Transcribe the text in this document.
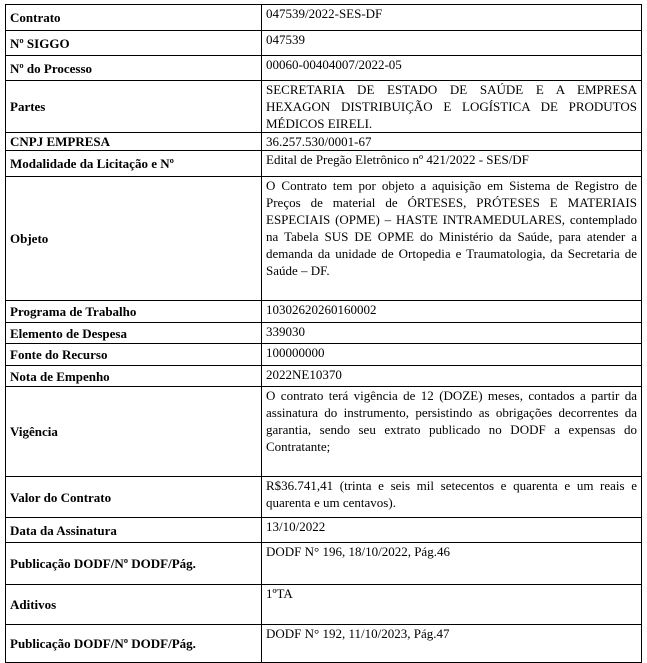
Contrato	047539/2022-SES-DF
Nº SIGGO	047539
Nº do Processo	00060-00404007/2022-05
Partes	SECRETARIA DE ESTADO DE SAÚDE E A EMPRESA HEXAGON DISTRIBUIÇÃO E LOGÍSTICA DE PRODUTOS MÉDICOS EIRELI.
CNPJ EMPRESA	36.257.530/0001-67
Modalidade da Licitação e Nº	Edital de Pregão Eletrônico nº 421/2022 - SES/DF
Objeto	O Contrato tem por objeto a aquisição em Sistema de Registro de Preços de material de ÓRTESES, PRÓTESES E MATERIAIS ESPECIAIS (OPME) – HASTE INTRAMEDULARES, contemplado na Tabela SUS DE OPME do Ministério da Saúde, para atender a demanda da unidade de Ortopedia e Traumatologia, da Secretaria de Saúde – DF.
Programa de Trabalho	10302620260160002
Elemento de Despesa	339030
Fonte do Recurso	100000000
Nota de Empenho	2022NE10370
Vigência	O contrato terá vigência de 12 (DOZE) meses, contados a partir da assinatura do instrumento, persistindo as obrigações decorrentes da garantia, sendo seu extrato publicado no DODF a expensas do Contratante;
Valor do Contrato	R$36.741,41 (trinta e seis mil setecentos e quarenta e um reais e quarenta e um centavos).
Data da Assinatura	13/10/2022
Publicação DODF/Nº DODF/Pág.	DODF N° 196, 18/10/2022, Pág.46
Aditivos	1ºTA
Publicação DODF/Nº DODF/Pág.	DODF N° 192, 11/10/2023, Pág.47
